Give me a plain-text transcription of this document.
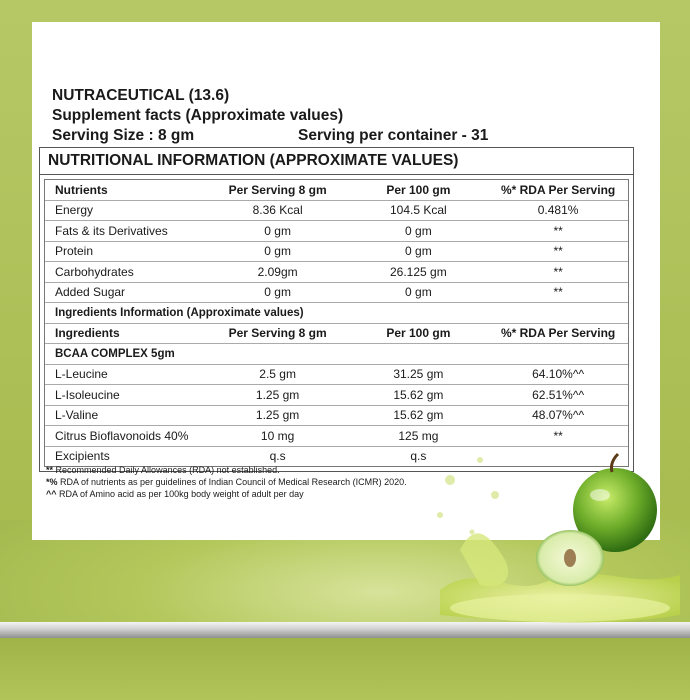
NUTRACEUTICAL (13.6)
Supplement facts (Approximate values)
Serving Size : 8 gm	Serving per container - 31
NUTRITIONAL INFORMATION (APPROXIMATE VALUES)
Nutrients	Per Serving 8 gm	Per 100 gm	%* RDA Per Serving
Energy	8.36 Kcal	104.5 Kcal	0.481%
Fats & its Derivatives	0 gm	0 gm	**
Protein	0 gm	0 gm	**
Carbohydrates	2.09gm	26.125 gm	**
Added Sugar	0 gm	0 gm	**
Ingredients Information (Approximate values)
Ingredients	Per Serving 8 gm	Per 100 gm	%* RDA Per Serving
BCAA COMPLEX 5gm
L-Leucine	2.5 gm	31.25 gm	64.10%^^
L-Isoleucine	1.25 gm	15.62 gm	62.51%^^
L-Valine	1.25 gm	15.62 gm	48.07%^^
Citrus Bioflavonoids 40%	10 mg	125 mg	**
Excipients	q.s	q.s
** Recommended Daily Allowances (RDA) not established.
*% RDA of nutrients as per guidelines of Indian Council of Medical Research (ICMR) 2020.
^^ RDA of Amino acid as per 100kg body weight of adult per day
